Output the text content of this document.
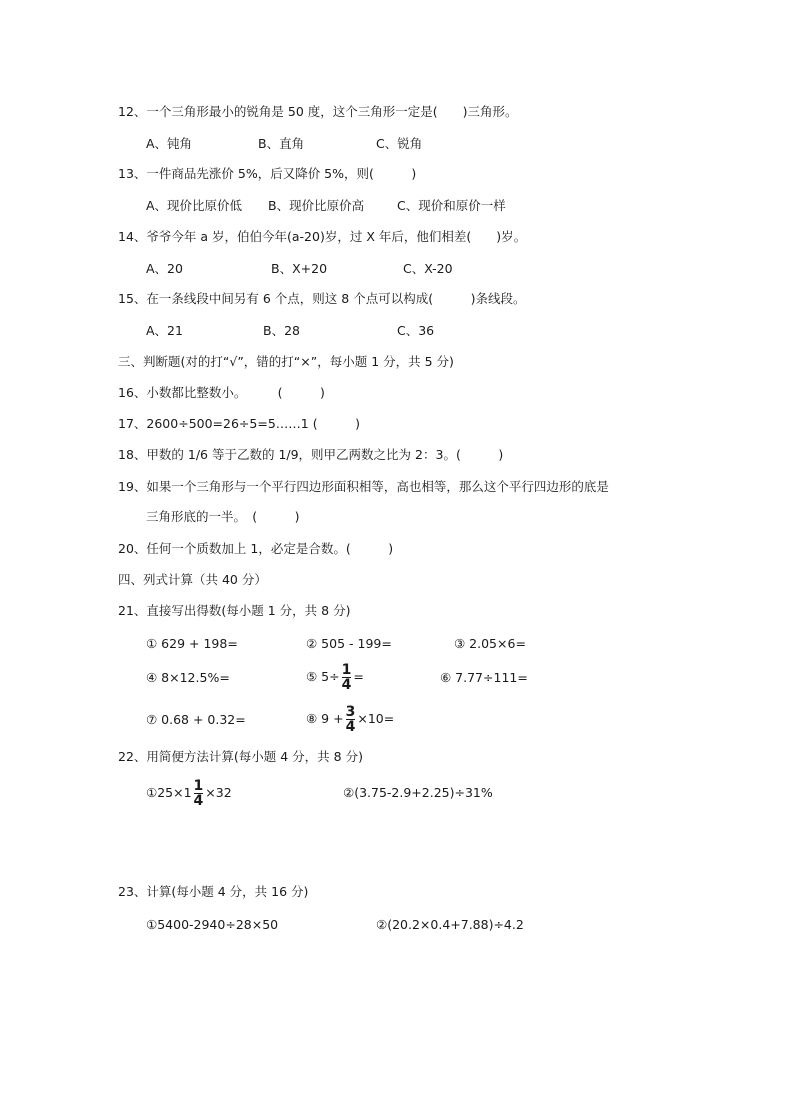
12、一个三角形最小的锐角是 50 度，这个三角形一定是(　　)三角形。
A、钝角	B、直角	C、锐角
13、一件商品先涨价 5%，后又降价 5%，则(　　　)
A、现价比原价低 B、现价比原价高	C、现价和原价一样
14、爷爷今年 a 岁，伯伯今年(a-20)岁，过 X 年后，他们相差(　　)岁。
A、20	B、X+20	C、X-20
15、在一条线段中间另有 6 个点，则这 8 个点可以构成(　　　)条线段。
A、21	B、28	C、36
三、判断题(对的打“√”，错的打“×”，每小题 1 分，共 5 分)
16、小数都比整数小。　　　(　　　)
17、2600÷500=26÷5=5……1 (　　　)
18、甲数的 1/6 等于乙数的 1/9，则甲乙两数之比为 2：3。(　　　)
19、如果一个三角形与一个平行四边形面积相等，高也相等，那么这个平行四边形的底是
三角形底的一半。　(　　　)
20、任何一个质数加上 1，必定是合数。(　　　)
四、列式计算（共 40 分）
21、直接写出得数(每小题 1 分，共 8 分)
① 629 + 198=	② 505 - 199=	③ 2.05×6=
④ 8×12.5%=	⑤ $5\div \frac{1}{4}$ =	⑥ 7.77÷111=
⑦ 0.68 + 0.32=	⑧ $9 + \frac{3}{4} \times 10=$
22、用简便方法计算(每小题 4 分，共 8 分)
①25×1 $\frac{1}{4} \times 32$	②(3.75-2.9+2.25)÷31%
23、计算(每小题 4 分，共 16 分)
①5400-2940÷28×50	②(20.2×0.4+7.88)÷4.2
